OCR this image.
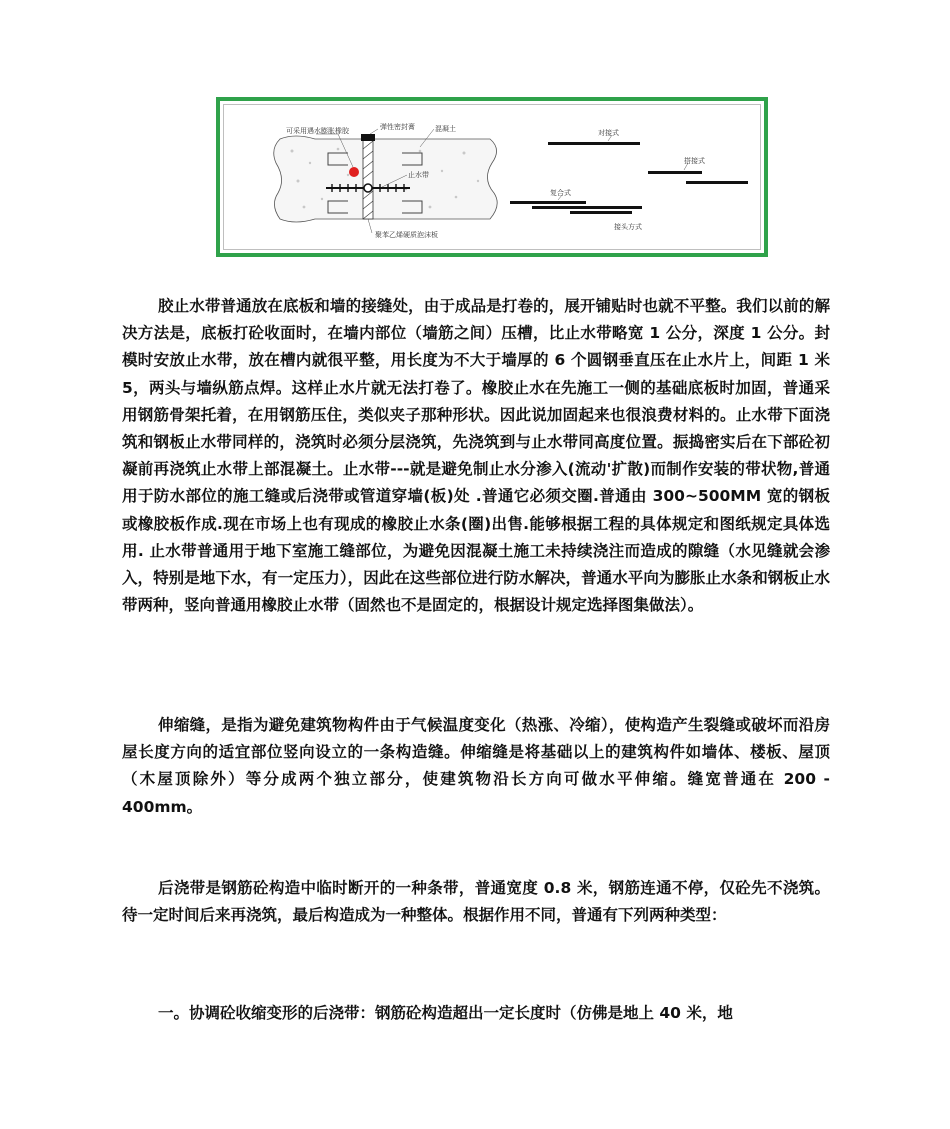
可采用遇水膨胀橡胶	弹性密封膏	混凝土
止水带
聚苯乙烯硬质泡沫板
对接式
搭接式
复合式
接头方式

胶止水带普通放在底板和墙的接缝处，由于成品是打卷的，展开铺贴时也就不平整。我们以前的解决方法是，底板打砼收面时，在墙内部位（墙筋之间）压槽，比止水带略宽 1 公分，深度 1 公分。封模时安放止水带，放在槽内就很平整，用长度为不大于墙厚的 6 个圆钢垂直压在止水片上，间距 1 米 5，两头与墙纵筋点焊。这样止水片就无法打卷了。橡胶止水在先施工一侧的基础底板时加固，普通采用钢筋骨架托着，在用钢筋压住，类似夹子那种形状。因此说加固起来也很浪费材料的。止水带下面浇筑和钢板止水带同样的，浇筑时必须分层浇筑，先浇筑到与止水带同高度位置。振捣密实后在下部砼初凝前再浇筑止水带上部混凝土。止水带---就是避免制止水分渗入(流动'扩散)而制作安装的带状物,普通用于防水部位的施工缝或后浇带或管道穿墙(板)处 .普通它必须交圈.普通由 300~500MM 宽的钢板或橡胶板作成.现在市场上也有现成的橡胶止水条(圈)出售.能够根据工程的具体规定和图纸规定具体选用. 止水带普通用于地下室施工缝部位，为避免因混凝土施工未持续浇注而造成的隙缝（水见缝就会渗入，特别是地下水，有一定压力），因此在这些部位进行防水解决，普通水平向为膨胀止水条和钢板止水带两种，竖向普通用橡胶止水带（固然也不是固定的，根据设计规定选择图集做法）。

伸缩缝，是指为避免建筑物构件由于气候温度变化（热涨、冷缩），使构造产生裂缝或破坏而沿房屋长度方向的适宜部位竖向设立的一条构造缝。伸缩缝是将基础以上的建筑构件如墙体、楼板、屋顶（木屋顶除外）等分成两个独立部分，使建筑物沿长方向可做水平伸缩。缝宽普通在 200 - 400mm。

后浇带是钢筋砼构造中临时断开的一种条带，普通宽度 0.8 米，钢筋连通不停，仅砼先不浇筑。待一定时间后来再浇筑，最后构造成为一种整体。根据作用不同，普通有下列两种类型：

一。协调砼收缩变形的后浇带：钢筋砼构造超出一定长度时（仿佛是地上 40 米，地
